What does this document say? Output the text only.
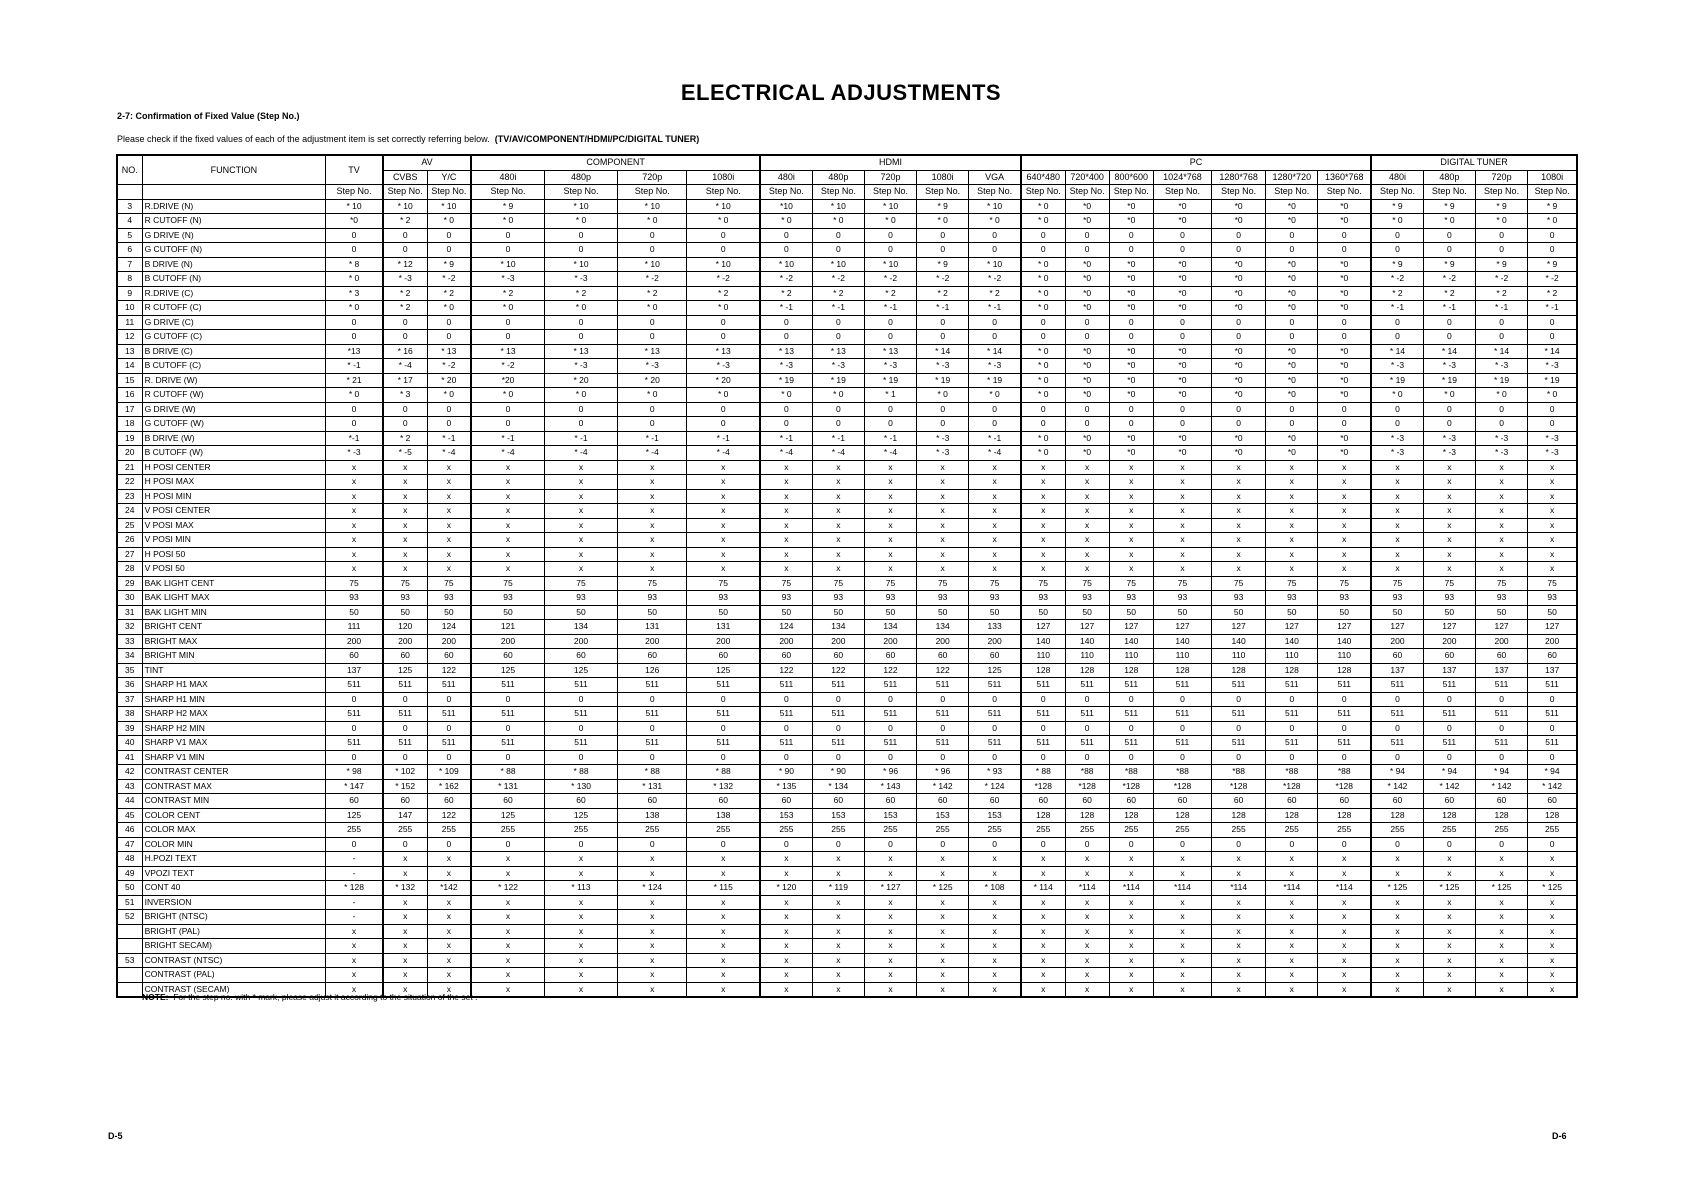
ELECTRICAL ADJUSTMENTS
2-7: Confirmation of Fixed Value (Step No.)
Please check if the fixed values of each of the adjustment item is set correctly referring below. (TV/AV/COMPONENT/HDMI/PC/DIGITAL TUNER)
NO.	FUNCTION	TV	AV		COMPONENT				HDMI					PC							DIGITAL TUNER			
			CVBS	Y/C	480i	480p	720p	1080i	480i	480p	720p	1080i	VGA	640*480	720*400	800*600	1024*768	1280*768	1280*720	1360*768	480i	480p	720p	1080i
		Step No.	Step No.	Step No.	Step No.	Step No.	Step No.	Step No.	Step No.	Step No.	Step No.	Step No.	Step No.	Step No.	Step No.	Step No.	Step No.	Step No.	Step No.	Step No.	Step No.	Step No.	Step No.	Step No.
3	R.DRIVE (N)	* 10	* 10	* 10	* 9	* 10	* 10	* 10	*10	* 10	* 10	* 9	* 10	* 0	*0	*0	*0	*0	*0	*0	* 9	* 9	* 9	* 9
4	R CUTOFF (N)	*0	* 2	* 0	* 0	* 0	* 0	* 0	* 0	* 0	* 0	* 0	* 0	* 0	*0	*0	*0	*0	*0	*0	* 0	* 0	* 0	* 0
5	G DRIVE (N)	0	0	0	0	0	0	0	0	0	0	0	0	0	0	0	0	0	0	0	0	0	0	0
6	G CUTOFF (N)	0	0	0	0	0	0	0	0	0	0	0	0	0	0	0	0	0	0	0	0	0	0	0
7	B DRIVE (N)	* 8	* 12	* 9	* 10	* 10	* 10	* 10	* 10	* 10	* 10	* 9	* 10	* 0	*0	*0	*0	*0	*0	*0	* 9	* 9	* 9	* 9
8	B CUTOFF (N)	* 0	* -3	* -2	* -3	* -3	* -2	* -2	* -2	* -2	* -2	* -2	* -2	* 0	*0	*0	*0	*0	*0	*0	* -2	* -2	* -2	* -2
9	R.DRIVE (C)	* 3	* 2	* 2	* 2	* 2	* 2	* 2	* 2	* 2	* 2	* 2	* 2	* 0	*0	*0	*0	*0	*0	*0	* 2	* 2	* 2	* 2
10	R CUTOFF (C)	* 0	* 2	* 0	* 0	* 0	* 0	* 0	* -1	* -1	* -1	* -1	* -1	* 0	*0	*0	*0	*0	*0	*0	* -1	* -1	* -1	* -1
11	G DRIVE (C)	0	0	0	0	0	0	0	0	0	0	0	0	0	0	0	0	0	0	0	0	0	0	0
12	G CUTOFF (C)	0	0	0	0	0	0	0	0	0	0	0	0	0	0	0	0	0	0	0	0	0	0	0
13	B DRIVE (C)	*13	* 16	* 13	* 13	* 13	* 13	* 13	* 13	* 13	* 13	* 14	* 14	* 0	*0	*0	*0	*0	*0	*0	* 14	* 14	* 14	* 14
14	B CUTOFF (C)	* -1	* -4	* -2	* -2	* -3	* -3	* -3	* -3	* -3	* -3	* -3	* -3	* 0	*0	*0	*0	*0	*0	*0	* -3	* -3	* -3	* -3
15	R. DRIVE (W)	* 21	* 17	* 20	*20	* 20	* 20	* 20	* 19	* 19	* 19	* 19	* 19	* 0	*0	*0	*0	*0	*0	*0	* 19	* 19	* 19	* 19
16	R CUTOFF (W)	* 0	* 3	* 0	* 0	* 0	* 0	* 0	* 0	* 0	* 1	* 0	* 0	* 0	*0	*0	*0	*0	*0	*0	* 0	* 0	* 0	* 0
17	G DRIVE (W)	0	0	0	0	0	0	0	0	0	0	0	0	0	0	0	0	0	0	0	0	0	0	0
18	G CUTOFF (W)	0	0	0	0	0	0	0	0	0	0	0	0	0	0	0	0	0	0	0	0	0	0	0
19	B DRIVE (W)	*-1	* 2	* -1	* -1	* -1	* -1	* -1	* -1	* -1	* -1	* -3	* -1	* 0	*0	*0	*0	*0	*0	*0	* -3	* -3	* -3	* -3
20	B CUTOFF (W)	* -3	* -5	* -4	* -4	* -4	* -4	* -4	* -4	* -4	* -4	* -3	* -4	* 0	*0	*0	*0	*0	*0	*0	* -3	* -3	* -3	* -3
21	H POSI CENTER	x	x	x	x	x	x	x	x	x	x	x	x	x	x	x	x	x	x	x	x	x	x	x
22	H POSI MAX	x	x	x	x	x	x	x	x	x	x	x	x	x	x	x	x	x	x	x	x	x	x	x
23	H POSI MIN	x	x	x	x	x	x	x	x	x	x	x	x	x	x	x	x	x	x	x	x	x	x	x
24	V POSI CENTER	x	x	x	x	x	x	x	x	x	x	x	x	x	x	x	x	x	x	x	x	x	x	x
25	V POSI MAX	x	x	x	x	x	x	x	x	x	x	x	x	x	x	x	x	x	x	x	x	x	x	x
26	V POSI MIN	x	x	x	x	x	x	x	x	x	x	x	x	x	x	x	x	x	x	x	x	x	x	x
27	H POSI 50	x	x	x	x	x	x	x	x	x	x	x	x	x	x	x	x	x	x	x	x	x	x	x
28	V POSI 50	x	x	x	x	x	x	x	x	x	x	x	x	x	x	x	x	x	x	x	x	x	x	x
29	BAK LIGHT CENT	75	75	75	75	75	75	75	75	75	75	75	75	75	75	75	75	75	75	75	75	75	75	75
30	BAK LIGHT MAX	93	93	93	93	93	93	93	93	93	93	93	93	93	93	93	93	93	93	93	93	93	93	93
31	BAK LIGHT MIN	50	50	50	50	50	50	50	50	50	50	50	50	50	50	50	50	50	50	50	50	50	50	50
32	BRIGHT CENT	111	120	124	121	134	131	131	124	134	134	134	133	127	127	127	127	127	127	127	127	127	127	127
33	BRIGHT MAX	200	200	200	200	200	200	200	200	200	200	200	200	140	140	140	140	140	140	140	200	200	200	200
34	BRIGHT MIN	60	60	60	60	60	60	60	60	60	60	60	60	110	110	110	110	110	110	110	60	60	60	60
35	TINT	137	125	122	125	125	126	125	122	122	122	122	125	128	128	128	128	128	128	128	137	137	137	137
36	SHARP H1 MAX	511	511	511	511	511	511	511	511	511	511	511	511	511	511	511	511	511	511	511	511	511	511	511
37	SHARP H1 MIN	0	0	0	0	0	0	0	0	0	0	0	0	0	0	0	0	0	0	0	0	0	0	0
38	SHARP H2 MAX	511	511	511	511	511	511	511	511	511	511	511	511	511	511	511	511	511	511	511	511	511	511	511
39	SHARP H2 MIN	0	0	0	0	0	0	0	0	0	0	0	0	0	0	0	0	0	0	0	0	0	0	0
40	SHARP V1 MAX	511	511	511	511	511	511	511	511	511	511	511	511	511	511	511	511	511	511	511	511	511	511	511
41	SHARP V1 MIN	0	0	0	0	0	0	0	0	0	0	0	0	0	0	0	0	0	0	0	0	0	0	0
42	CONTRAST CENTER	* 98	* 102	* 109	* 88	* 88	* 88	* 88	* 90	* 90	* 96	* 96	* 93	* 88	*88	*88	*88	*88	*88	*88	* 94	* 94	* 94	* 94
43	CONTRAST MAX	* 147	* 152	* 162	* 131	* 130	* 131	* 132	* 135	* 134	* 143	* 142	* 124	*128	*128	*128	*128	*128	*128	*128	* 142	* 142	* 142	* 142
44	CONTRAST MIN	60	60	60	60	60	60	60	60	60	60	60	60	60	60	60	60	60	60	60	60	60	60	60
45	COLOR CENT	125	147	122	125	125	138	138	153	153	153	153	153	128	128	128	128	128	128	128	128	128	128	128
46	COLOR MAX	255	255	255	255	255	255	255	255	255	255	255	255	255	255	255	255	255	255	255	255	255	255	255
47	COLOR MIN	0	0	0	0	0	0	0	0	0	0	0	0	0	0	0	0	0	0	0	0	0	0	0
48	H.POZI TEXT	-	x	x	x	x	x	x	x	x	x	x	x	x	x	x	x	x	x	x	x	x	x	x
49	VPOZI TEXT	-	x	x	x	x	x	x	x	x	x	x	x	x	x	x	x	x	x	x	x	x	x	x
50	CONT 40	* 128	* 132	*142	* 122	* 113	* 124	* 115	* 120	* 119	* 127	* 125	* 108	* 114	*114	*114	*114	*114	*114	*114	* 125	* 125	* 125	* 125
51	INVERSION	-	x	x	x	x	x	x	x	x	x	x	x	x	x	x	x	x	x	x	x	x	x	x
52	BRIGHT (NTSC)	-	x	x	x	x	x	x	x	x	x	x	x	x	x	x	x	x	x	x	x	x	x	x
	BRIGHT (PAL)	x	x	x	x	x	x	x	x	x	x	x	x	x	x	x	x	x	x	x	x	x	x	x
	BRIGHT SECAM)	x	x	x	x	x	x	x	x	x	x	x	x	x	x	x	x	x	x	x	x	x	x	x
53	CONTRAST (NTSC)	x	x	x	x	x	x	x	x	x	x	x	x	x	x	x	x	x	x	x	x	x	x	x
	CONTRAST (PAL)	x	x	x	x	x	x	x	x	x	x	x	x	x	x	x	x	x	x	x	x	x	x	x
	CONTRAST (SECAM)	x	x	x	x	x	x	x	x	x	x	x	x	x	x	x	x	x	x	x	x	x	x	x
NOTE: For the step no. with * mark, please adjust it according to the situation of the set .
D-5	D-6
